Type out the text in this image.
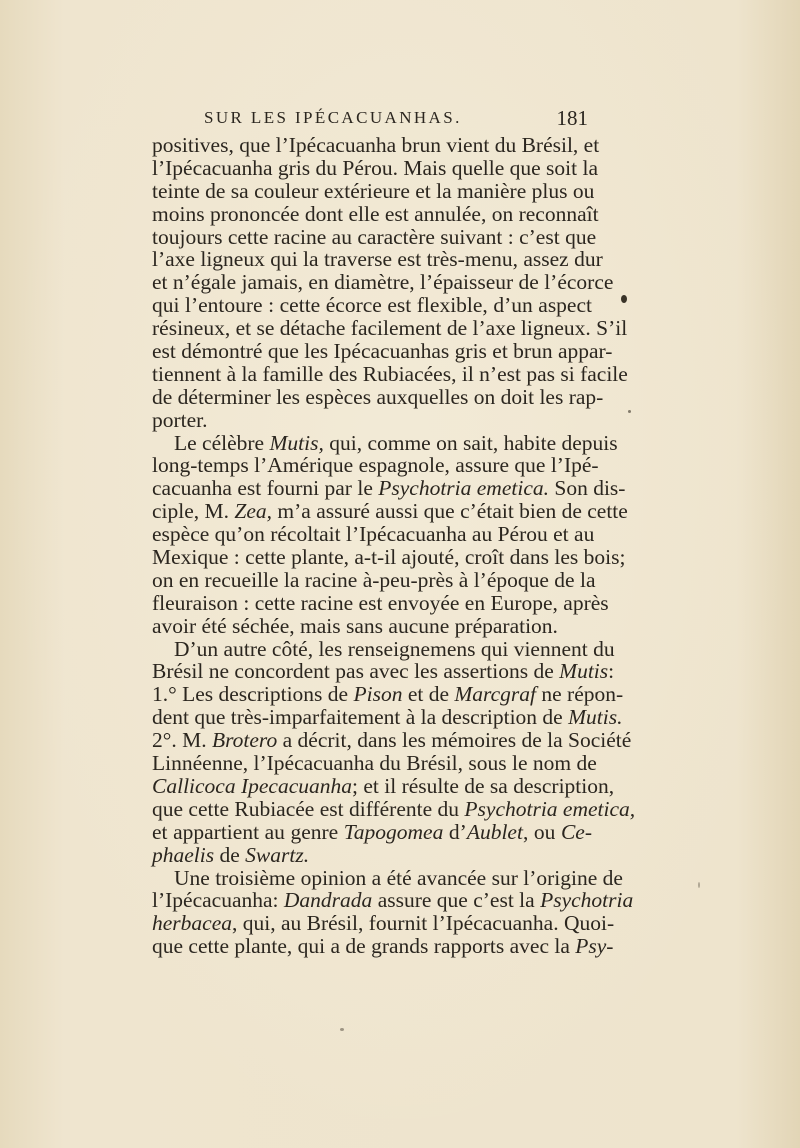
SUR LES IPÉCACUANHAS.	181
positives, que l’Ipécacuanha brun vient du Brésil, et
l’Ipécacuanha gris du Pérou. Mais quelle que soit la
teinte de sa couleur extérieure et la manière plus ou
moins prononcée dont elle est annulée, on reconnaît
toujours cette racine au caractère suivant : c’est que
l’axe ligneux qui la traverse est très-menu, assez dur
et n’égale jamais, en diamètre, l’épaisseur de l’écorce
qui l’entoure : cette écorce est flexible, d’un aspect
résineux, et se détache facilement de l’axe ligneux. S’il
est démontré que les Ipécacuanhas gris et brun appar-
tiennent à la famille des Rubiacées, il n’est pas si facile
de déterminer les espèces auxquelles on doit les rap-
porter.
Le célèbre Mutis, qui, comme on sait, habite depuis
long-temps l’Amérique espagnole, assure que l’Ipé-
cacuanha est fourni par le Psychotria emetica. Son dis-
ciple, M. Zea, m’a assuré aussi que c’était bien de cette
espèce qu’on récoltait l’Ipécacuanha au Pérou et au
Mexique : cette plante, a-t-il ajouté, croît dans les bois;
on en recueille la racine à-peu-près à l’époque de la
fleuraison : cette racine est envoyée en Europe, après
avoir été séchée, mais sans aucune préparation.
D’un autre côté, les renseignemens qui viennent du
Brésil ne concordent pas avec les assertions de Mutis:
1.° Les descriptions de Pison et de Marcgraf ne répon-
dent que très-imparfaitement à la description de Mutis.
2°. M. Brotero a décrit, dans les mémoires de la Société
Linnéenne, l’Ipécacuanha du Brésil, sous le nom de
Callicoca Ipecacuanha; et il résulte de sa description,
que cette Rubiacée est différente du Psychotria emetica,
et appartient au genre Tapogomea d’Aublet, ou Ce-
phaelis de Swartz.
Une troisième opinion a été avancée sur l’origine de
l’Ipécacuanha: Dandrada assure que c’est la Psychotria
herbacea, qui, au Brésil, fournit l’Ipécacuanha. Quoi-
que cette plante, qui a de grands rapports avec la Psy-
